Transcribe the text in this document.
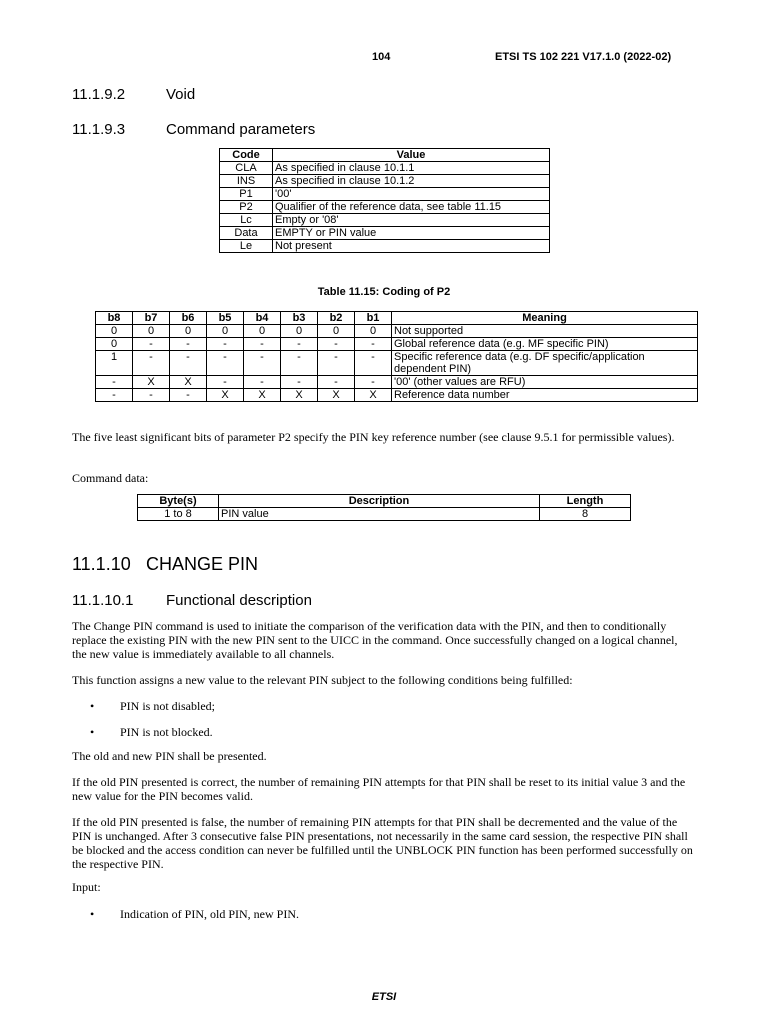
104	ETSI TS 102 221 V17.1.0 (2022-02)
11.1.9.2	Void
11.1.9.3	Command parameters
Code	Value
CLA	As specified in clause 10.1.1
INS	As specified in clause 10.1.2
P1	'00'
P2	Qualifier of the reference data, see table 11.15
Lc	Empty or '08'
Data	EMPTY or PIN value
Le	Not present
Table 11.15: Coding of P2
b8	b7	b6	b5	b4	b3	b2	b1	Meaning
0	0	0	0	0	0	0	0	Not supported
0	-	-	-	-	-	-	-	Global reference data (e.g. MF specific PIN)
1	-	-	-	-	-	-	-	Specific reference data (e.g. DF specific/application dependent PIN)
-	X	X	-	-	-	-	-	'00' (other values are RFU)
-	-	-	X	X	X	X	X	Reference data number
The five least significant bits of parameter P2 specify the PIN key reference number (see clause 9.5.1 for permissible values).
Command data:
Byte(s)	Description	Length
1 to 8	PIN value	8
11.1.10 CHANGE PIN
11.1.10.1 Functional description
The Change PIN command is used to initiate the comparison of the verification data with the PIN, and then to conditionally replace the existing PIN with the new PIN sent to the UICC in the command. Once successfully changed on a logical channel, the new value is immediately available to all channels.
This function assigns a new value to the relevant PIN subject to the following conditions being fulfilled:
• PIN is not disabled;
• PIN is not blocked.
The old and new PIN shall be presented.
If the old PIN presented is correct, the number of remaining PIN attempts for that PIN shall be reset to its initial value 3 and the new value for the PIN becomes valid.
If the old PIN presented is false, the number of remaining PIN attempts for that PIN shall be decremented and the value of the PIN is unchanged. After 3 consecutive false PIN presentations, not necessarily in the same card session, the respective PIN shall be blocked and the access condition can never be fulfilled until the UNBLOCK PIN function has been performed successfully on the respective PIN.
Input:
• Indication of PIN, old PIN, new PIN.
ETSI
